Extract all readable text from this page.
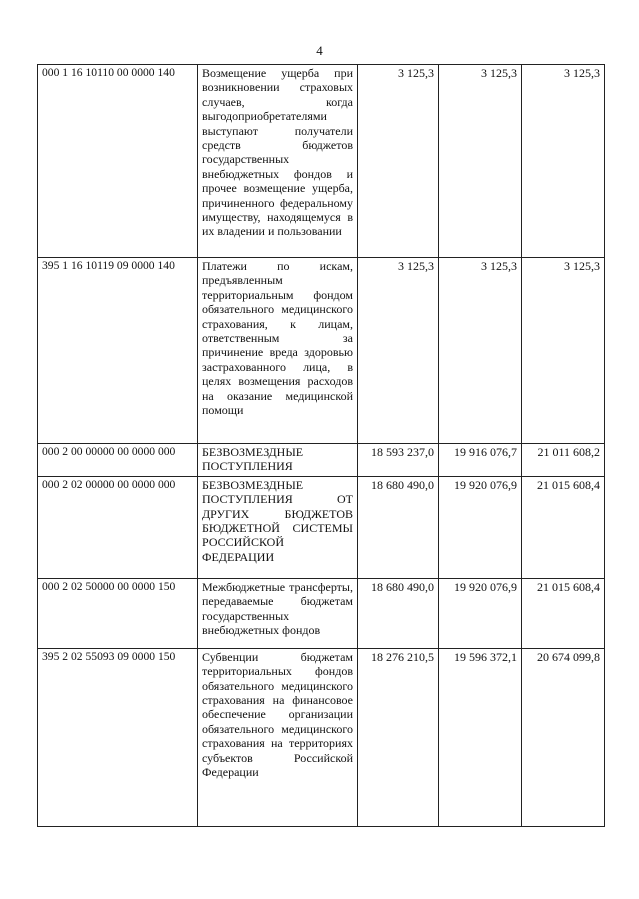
4
000 1 16 10110 00 0000 140	Возмещение ущерба при возникновении страховых случаев, когда выгодоприобретателями выступают получатели средств бюджетов государственных внебюджетных фондов и прочее возмещение ущерба, причиненного федеральному имуществу, находящемуся в их владении и пользовании	3 125,3	3 125,3	3 125,3
395 1 16 10119 09 0000 140	Платежи по искам, предъявленным территориальным фондом обязательного медицинского страхования, к лицам, ответственным за причинение вреда здоровью застрахованного лица, в целях возмещения расходов на оказание медицинской помощи	3 125,3	3 125,3	3 125,3
000 2 00 00000 00 0000 000	БЕЗВОЗМЕЗДНЫЕ ПОСТУПЛЕНИЯ	18 593 237,0	19 916 076,7	21 011 608,2
000 2 02 00000 00 0000 000	БЕЗВОЗМЕЗДНЫЕ ПОСТУПЛЕНИЯ ОТ ДРУГИХ БЮДЖЕТОВ БЮДЖЕТНОЙ СИСТЕМЫ РОССИЙСКОЙ ФЕДЕРАЦИИ	18 680 490,0	19 920 076,9	21 015 608,4
000 2 02 50000 00 0000 150	Межбюджетные трансферты, передаваемые бюджетам государственных внебюджетных фондов	18 680 490,0	19 920 076,9	21 015 608,4
395 2 02 55093 09 0000 150	Субвенции бюджетам территориальных фондов обязательного медицинского страхования на финансовое обеспечение организации обязательного медицинского страхования на территориях субъектов Российской Федерации	18 276 210,5	19 596 372,1	20 674 099,8
